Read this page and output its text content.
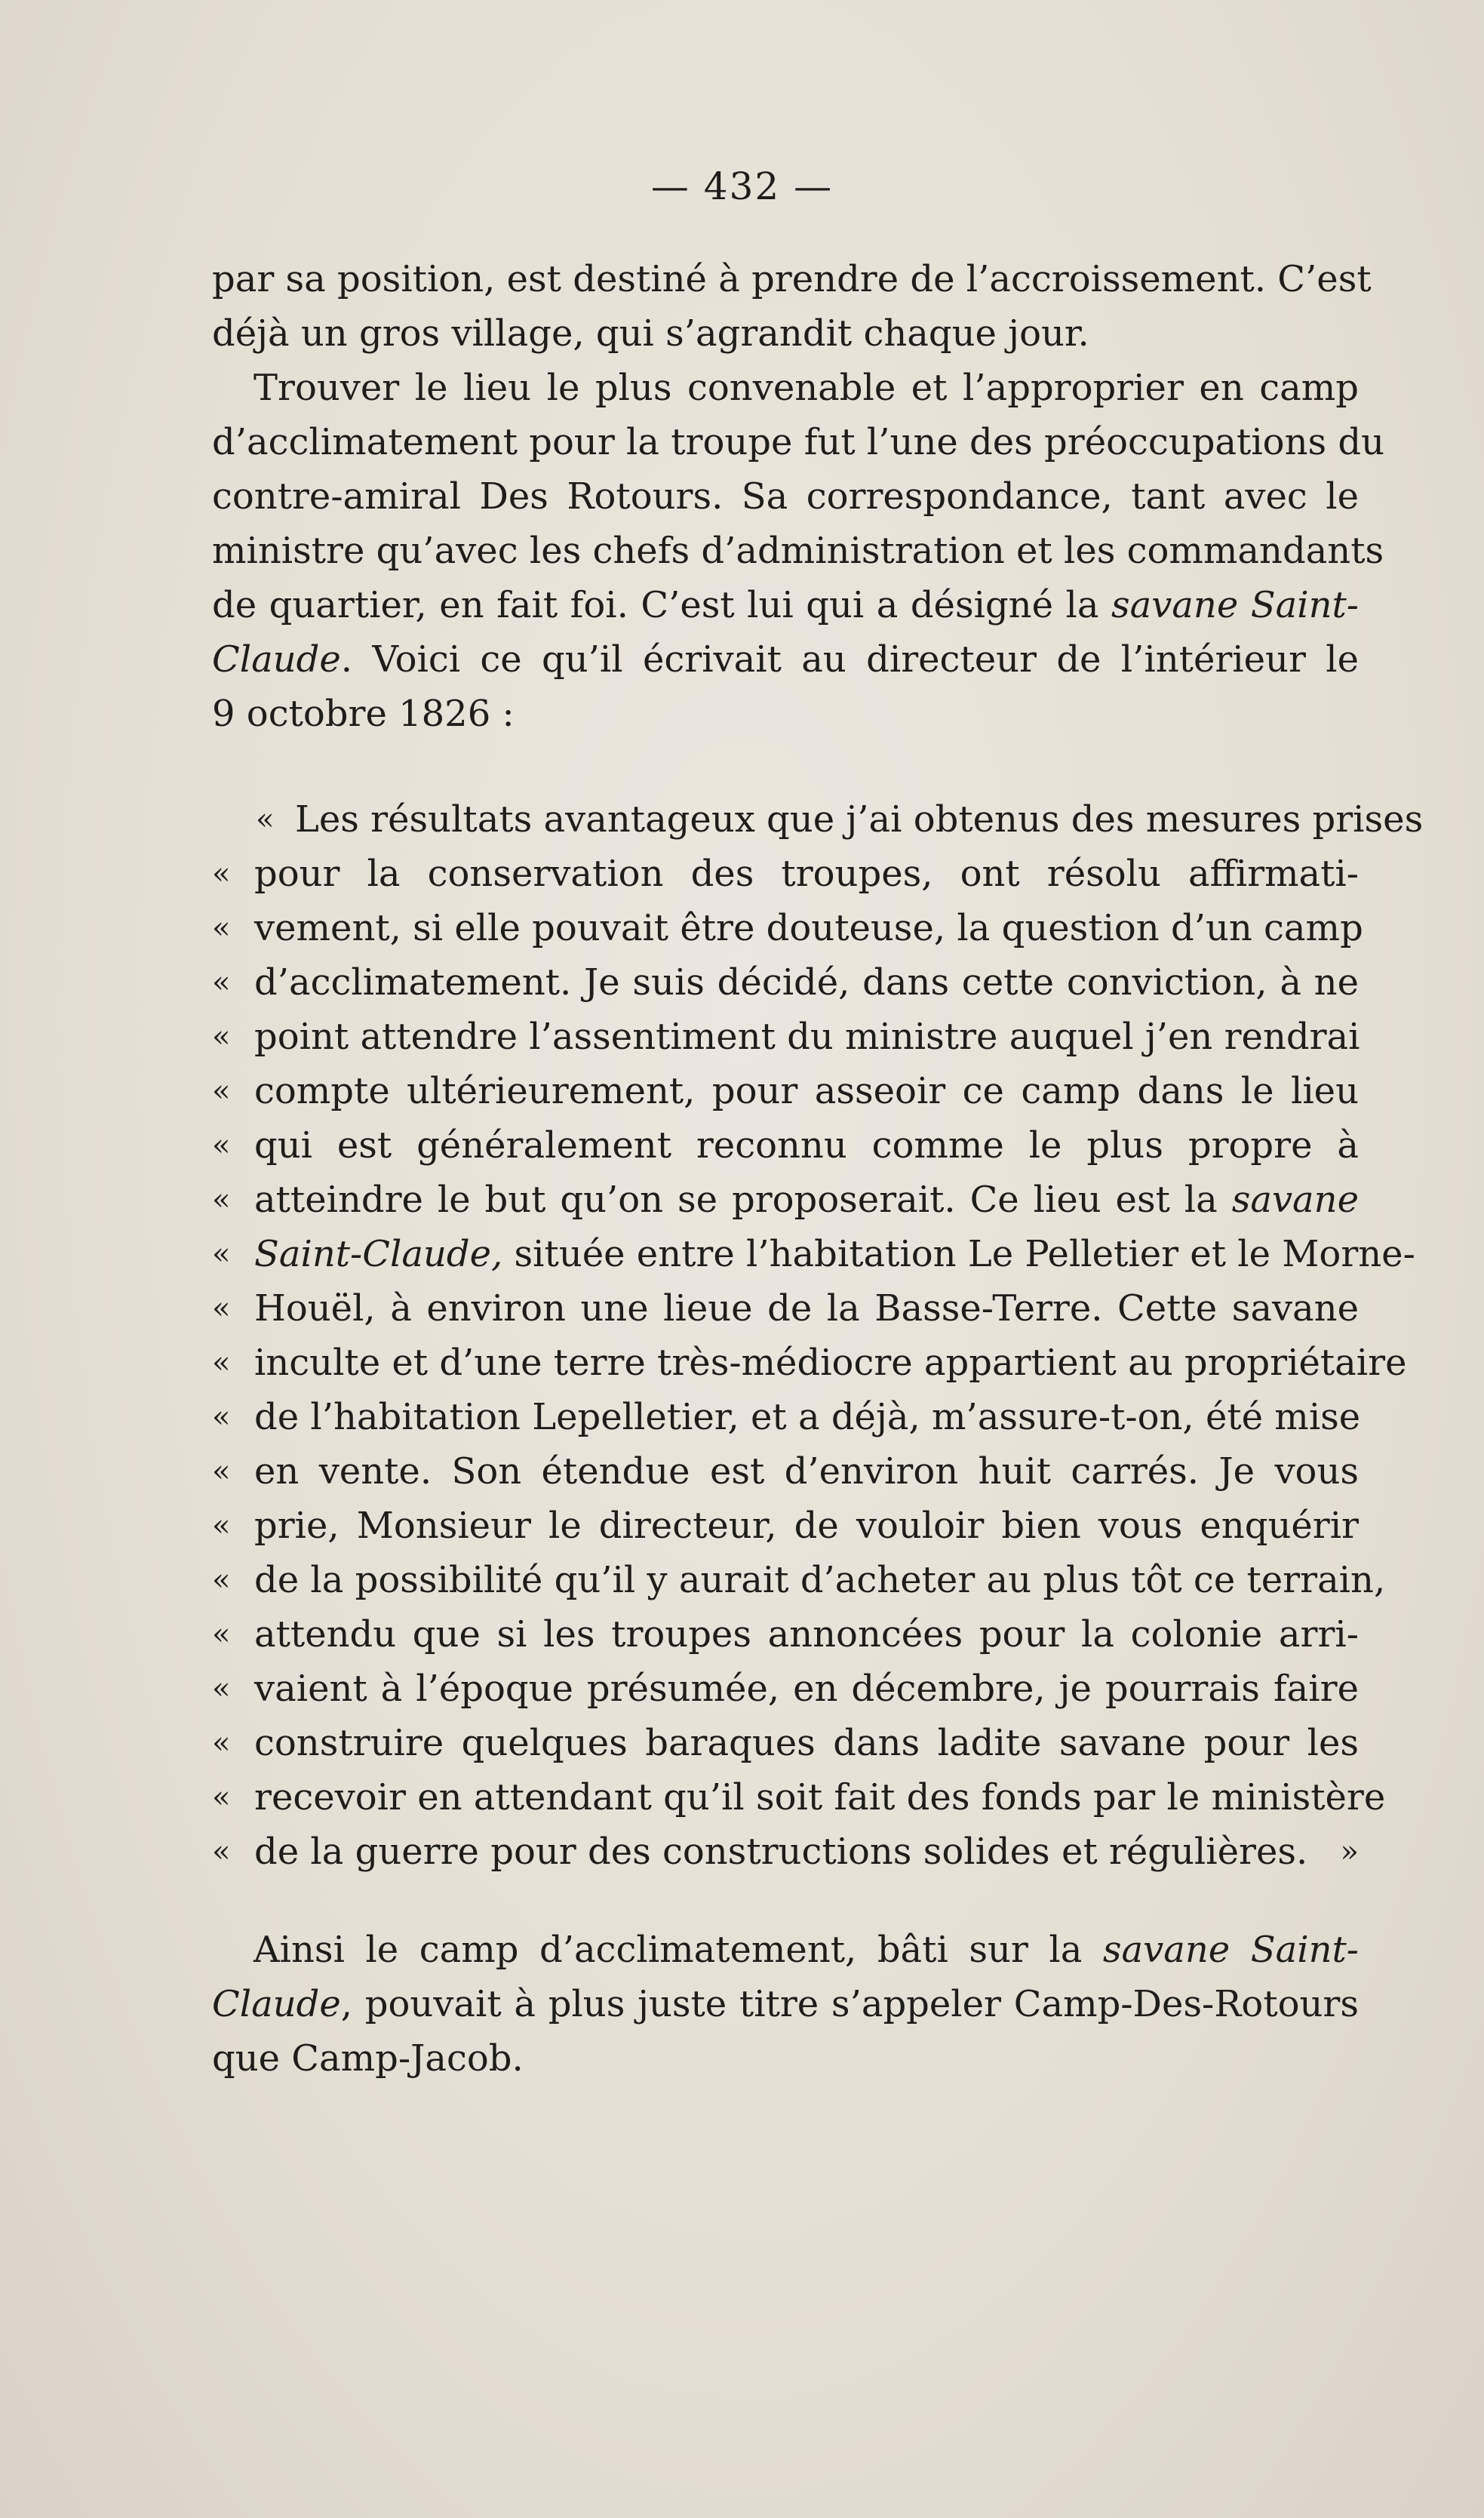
— 432 —
par sa position, est destiné à prendre de l’accroissement. C’est
déjà un gros village, qui s’agrandit chaque jour.
Trouver le lieu le plus convenable et l’approprier en camp
d’acclimatement pour la troupe fut l’une des préoccupations du
contre-amiral Des Rotours. Sa correspondance, tant avec le
ministre qu’avec les chefs d’administration et les commandants
de quartier, en fait foi. C’est lui qui a désigné la savane Saint-
Claude. Voici ce qu’il écrivait au directeur de l’intérieur le
9 octobre 1826 :
« Les résultats avantageux que j’ai obtenus des mesures prises
« pour la conservation des troupes, ont résolu affirmati-
« vement, si elle pouvait être douteuse, la question d’un camp
« d’acclimatement. Je suis décidé, dans cette conviction, à ne
« point attendre l’assentiment du ministre auquel j’en rendrai
« compte ultérieurement, pour asseoir ce camp dans le lieu
« qui est généralement reconnu comme le plus propre à
« atteindre le but qu’on se proposerait. Ce lieu est la savane
« Saint-Claude, située entre l’habitation Le Pelletier et le Morne-
« Houël, à environ une lieue de la Basse-Terre. Cette savane
« inculte et d’une terre très-médiocre appartient au propriétaire
« de l’habitation Lepelletier, et a déjà, m’assure-t-on, été mise
« en vente. Son étendue est d’environ huit carrés. Je vous
« prie, Monsieur le directeur, de vouloir bien vous enquérir
« de la possibilité qu’il y aurait d’acheter au plus tôt ce terrain,
« attendu que si les troupes annoncées pour la colonie arri-
« vaient à l’époque présumée, en décembre, je pourrais faire
« construire quelques baraques dans ladite savane pour les
« recevoir en attendant qu’il soit fait des fonds par le ministère
« de la guerre pour des constructions solides et régulières.	»
Ainsi le camp d’acclimatement, bâti sur la savane Saint-
Claude, pouvait à plus juste titre s’appeler Camp-Des-Rotours
que Camp-Jacob.
